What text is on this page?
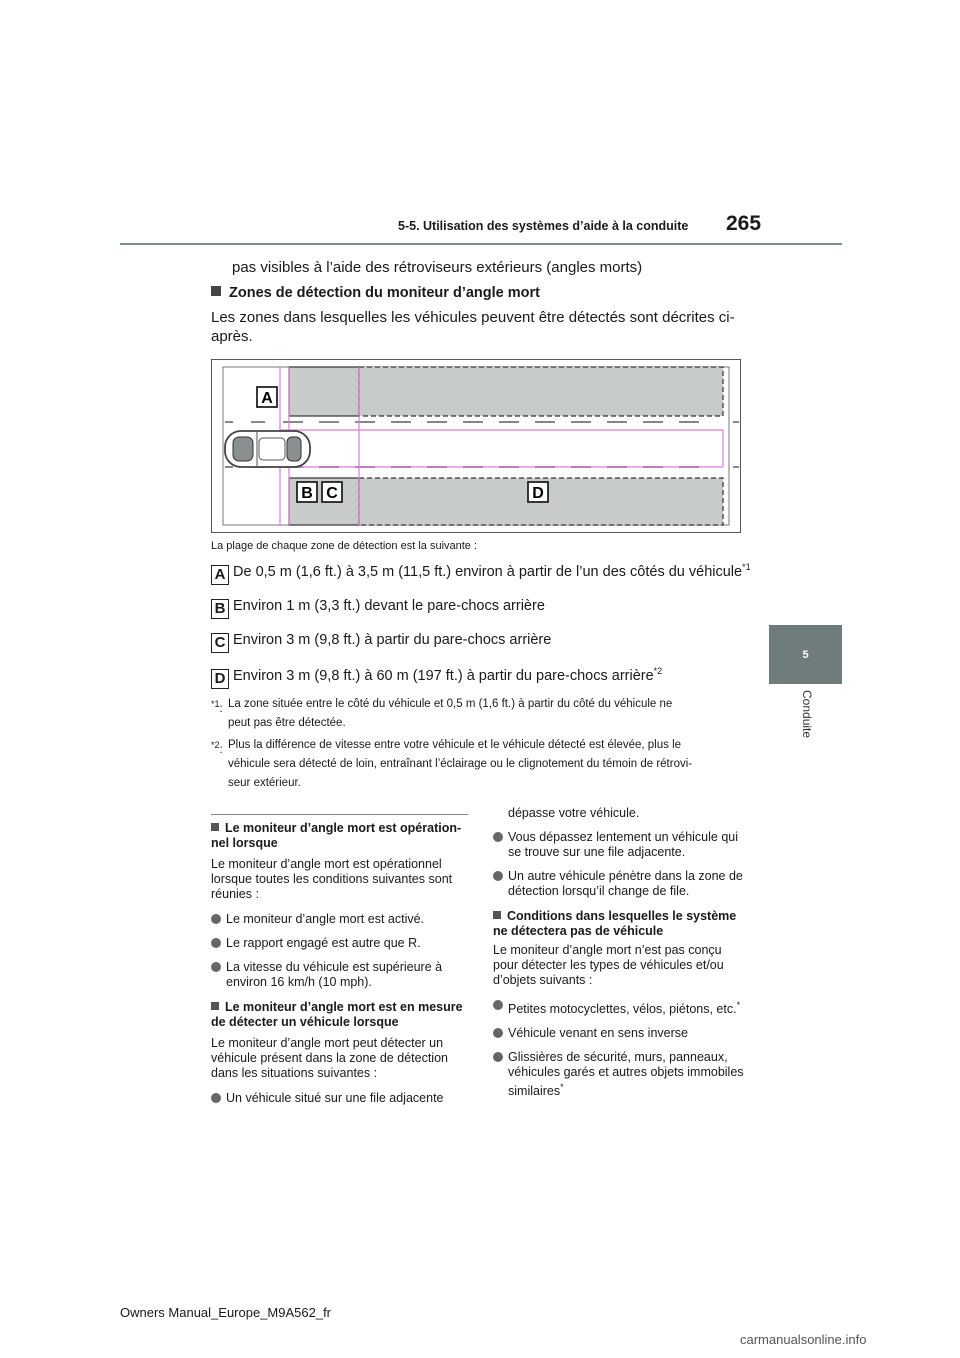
5-5. Utilisation des systèmes d’aide à la conduite 265
5
Conduite
pas visibles à l’aide des rétroviseurs extérieurs (angles morts)
Zones de détection du moniteur d’angle mort
Les zones dans lesquelles les véhicules peuvent être détectés sont décrites ci-
après.
A
B C	D
La plage de chaque zone de détection est la suivante :
A De 0,5 m (1,6 ft.) à 3,5 m (11,5 ft.) environ à partir de l’un des côtés du véhicule$^{*1}$
B Environ 1 m (3,3 ft.) devant le pare-chocs arrière
C Environ 3 m (9,8 ft.) à partir du pare-chocs arrière
D Environ 3 m (9,8 ft.) à 60 m (197 ft.) à partir du pare-chocs arrière$^{*2}$
$^{*1}$: La zone située entre le côté du véhicule et 0,5 m (1,6 ft.) à partir du côté du véhicule ne
peut pas être détectée.
$^{*2}$: Plus la différence de vitesse entre votre véhicule et le véhicule détecté est élevée, plus le
véhicule sera détecté de loin, entraînant l’éclairage ou le clignotement du témoin de rétrovi-
seur extérieur.
Le moniteur d’angle mort est opération-
nel lorsque
Le moniteur d’angle mort est opérationnel
lorsque toutes les conditions suivantes sont
réunies :
Le moniteur d’angle mort est activé.
Le rapport engagé est autre que R.
La vitesse du véhicule est supérieure à
environ 16 km/h (10 mph).
Le moniteur d’angle mort est en mesure
de détecter un véhicule lorsque
Le moniteur d’angle mort peut détecter un
véhicule présent dans la zone de détection
dans les situations suivantes :
Un véhicule situé sur une file adjacente
dépasse votre véhicule.
Vous dépassez lentement un véhicule qui
se trouve sur une file adjacente.
Un autre véhicule pénètre dans la zone de
détection lorsqu’il change de file.
Conditions dans lesquelles le système
ne détectera pas de véhicule
Le moniteur d’angle mort n’est pas conçu
pour détecter les types de véhicules et/ou
d’objets suivants :
Petites motocyclettes, vélos, piétons, etc.*
Véhicule venant en sens inverse
Glissières de sécurité, murs, panneaux,
véhicules garés et autres objets immobiles
similaires*
Owners Manual_Europe_M9A562_fr
carmanualsonline.info
